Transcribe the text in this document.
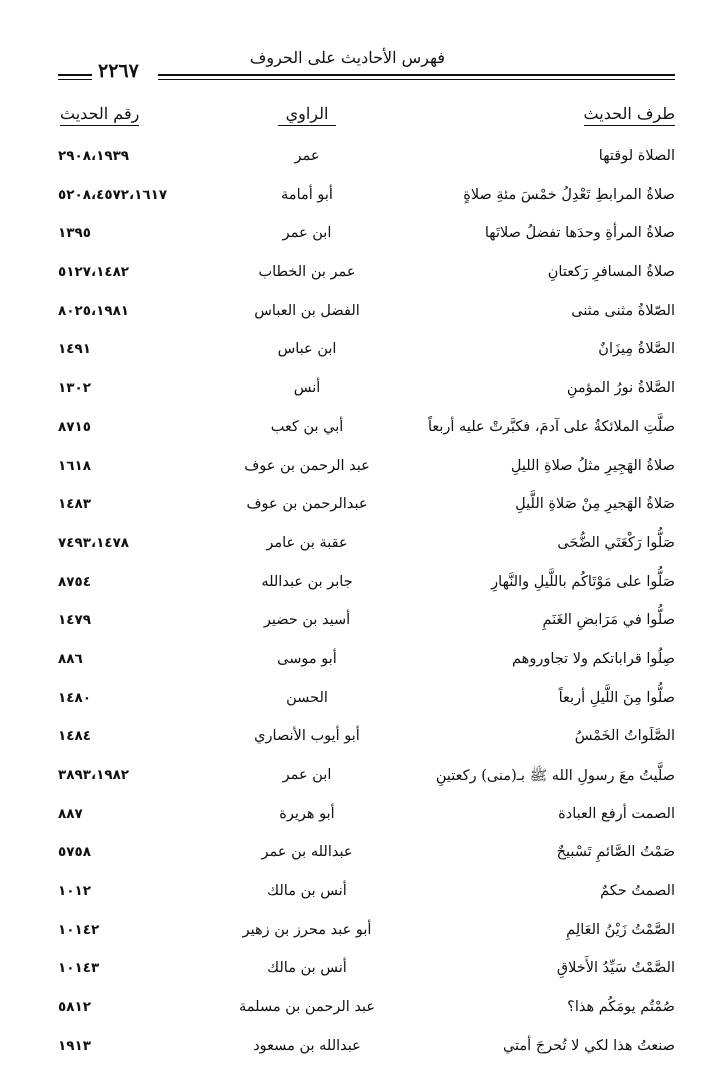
فهرس الأحاديث على الحروف
٢٢٦٧
طرف الحديث
الراوي
رقم الحديث
الصلاة لوقتها
عمر
٢٩٠٨،١٩٣٩
صلاةُ المرابطِ تَعْدِلُ خمْسَ مئةِ صلاةٍ
أبو أمامة
٥٢٠٨،٤٥٧٢،١٦١٧
صلاةُ المرأةِ وحدَها تفضلُ صلاتَها
ابن عمر
١٣٩٥
صلاةُ المسافرِ رَكعتانِ
عمر بن الخطاب
٥١٢٧،١٤٨٢
الصّلاةُ مثنى مثنى
الفضل بن العباس
٨٠٢٥،١٩٨١
الصَّلاةُ مِيزَانٌ
ابن عباس
١٤٩١
الصَّلاةُ نورُ المؤمنِ
أنس
١٣٠٢
صلَّتِ الملائكةُ على آدمَ، فكبَّرتْ عليه أربعاً
أبي بن كعب
٨٧١٥
صلاةُ الهَجِيرِ مثلُ صلاةِ الليلِ
عبد الرحمن بن عوف
١٦١٨
صَلاةُ الهَجيرِ مِنْ صَلاةِ اللَّيلِ
عبدالرحمن بن عوف
١٤٨٣
صَلُّوا رَكْعَتَي الضُّحَى
عقبة بن عامر
٧٤٩٣،١٤٧٨
صَلُّوا على مَوْتَاكُم باللَّيلِ والنَّهارِ
جابر بن عبدالله
٨٧٥٤
صلُّوا في مَرَابضِ الغَنَمِ
أسيد بن حضير
١٤٧٩
صِلُوا قراباتكم ولا تجاوروهم
أبو موسى
٨٨٦
صلُّوا مِنَ اللَّيلِ أربعاً
الحسن
١٤٨٠
الصَّلَواتُ الخَمْسُ
أبو أيوب الأنصاري
١٤٨٤
صلَّيتُ معَ رسولِ الله ﷺ بـ(منى) ركعتينِ
ابن عمر
٣٨٩٣،١٩٨٢
الصمت أرفع العبادة
أبو هريرة
٨٨٧
صَمْتُ الصَّائمِ تَسْبيحٌ
عبدالله بن عمر
٥٧٥٨
الصمتُ حكمٌ
أنس بن مالك
١٠١٢
الصَّمْتُ زَيْنُ العَالِمِ
أبو عبد محرز بن زهير
١٠١٤٢
الصَّمْتُ سَيِّدُ الأَخلاقِ
أنس بن مالك
١٠١٤٣
صُمْتُم يومَكُم هذا؟
عبد الرحمن بن مسلمة
٥٨١٢
صنعتُ هذا لكي لا تُحرجَ أمتي
عبدالله بن مسعود
١٩١٣
